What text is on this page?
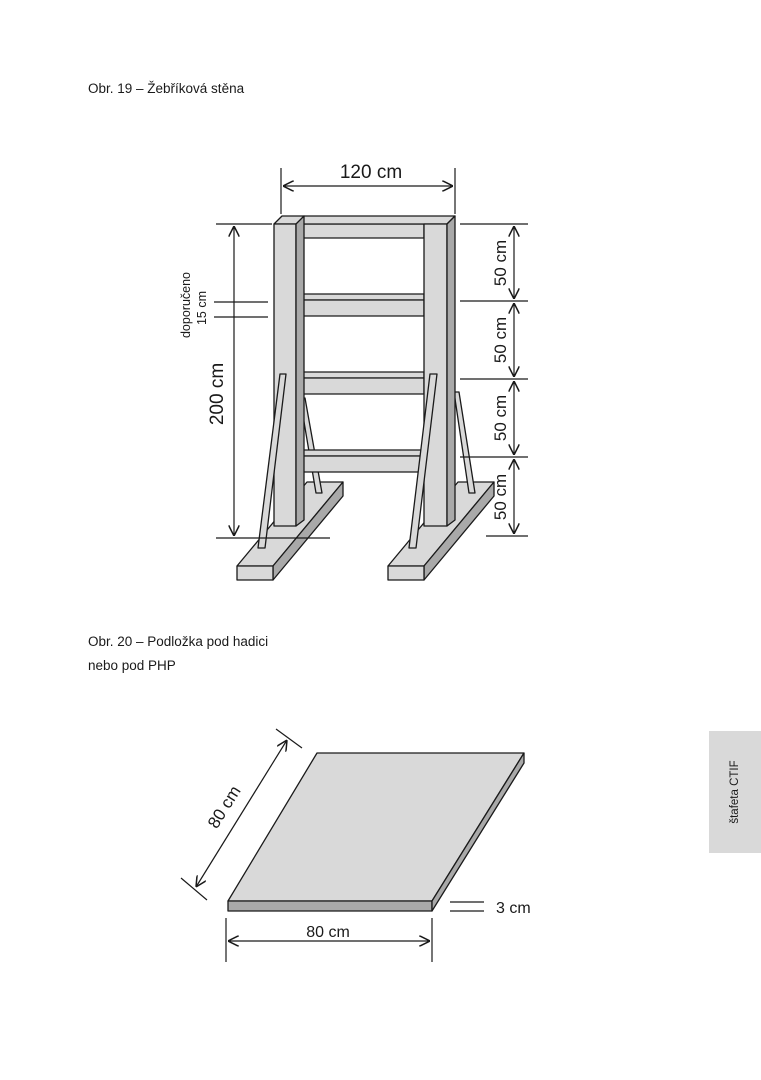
Obr. 19 – Žebříková stěna

120 cm
200 cm
doporučeno 15 cm
50 cm
50 cm
50 cm
50 cm

Obr. 20 – Podložka pod hadici

nebo pod PHP

80 cm
80 cm
3 cm
štafeta CTIF
